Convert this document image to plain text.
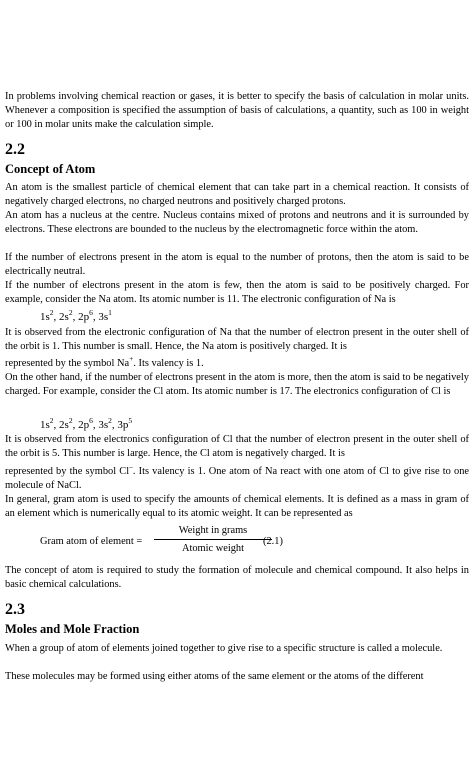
In problems involving chemical reaction or gases, it is better to specify the basis of calculation in molar units. Whenever a composition is specified the assumption of basis of calculations, a quantity, such as 100 in weight or 100 in molar units make the calculation simple.

2.2
Concept of Atom

An atom is the smallest particle of chemical element that can take part in a chemical reaction. It consists of negatively charged electrons, no charged neutrons and positively charged protons.

An atom has a nucleus at the centre. Nucleus contains mixed of protons and neutrons and it is surrounded by electrons. These electrons are bounded to the nucleus by the electromagnetic force within the atom.

If the number of electrons present in the atom is equal to the number of protons, then the atom is said to be electrically neutral.

If the number of electrons present in the atom is few, then the atom is said to be positively charged. For example, consider the Na atom. Its atomic number is 11. The electronic configuration of Na is

$1s^2$, $2s^2$, $2p^6$, $3s^1$

It is observed from the electronic configuration of Na that the number of electron present in the outer shell of the orbit is 1. This number is small. Hence, the Na atom is positively charged. It is

represented by the symbol Na+. Its valency is 1.

On the other hand, if the number of electrons present in the atom is more, then the atom is said to be negatively charged. For example, consider the Cl atom. Its atomic number is 17. The electronics configuration of Cl is

$1s^2$, $2s^2$, $2p^6$, $3s^2$, $3p^5$

It is observed from the electronics configuration of Cl that the number of electron present in the outer shell of the orbit is 5. This number is large. Hence, the Cl atom is negatively charged. It is

represented by the symbol Cl–. Its valency is 1. One atom of Na react with one atom of Cl to give rise to one molecule of NaCl.

In general, gram atom is used to specify the amounts of chemical elements. It is defined as a mass in gram of an element which is numerically equal to its atomic weight. It can be represented as

Gram atom of element =
Weight in grams
Atomic weight
(2.1)

The concept of atom is required to study the formation of molecule and chemical compound. It also helps in basic chemical calculations.

2.3
Moles and Mole Fraction

When a group of atom of elements joined together to give rise to a specific structure is called a molecule.

These molecules may be formed using either atoms of the same element or the atoms of the different
